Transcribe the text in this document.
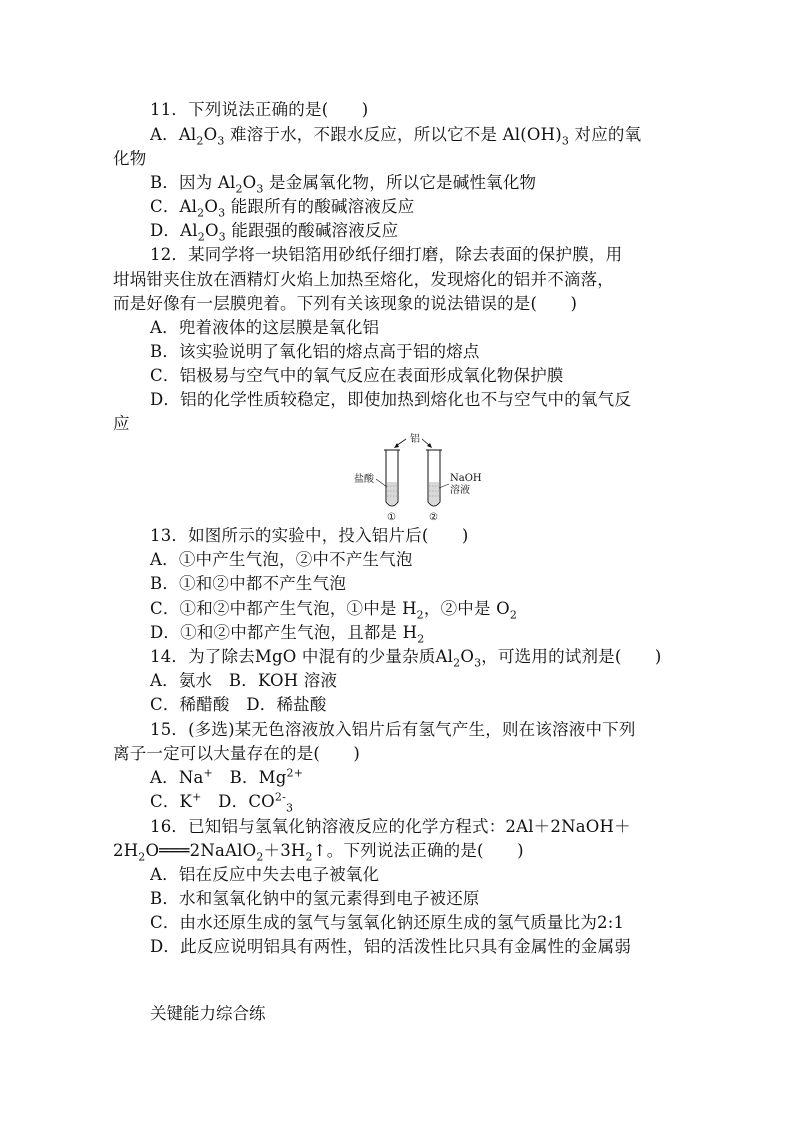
11．下列说法正确的是(　　)
A．$Al_2O_3$ 难溶于水，不跟水反应，所以它不是 $Al(OH)_3$ 对应的氧
化物
B．因为 $Al_2O_3$ 是金属氧化物，所以它是碱性氧化物
C．$Al_2O_3$ 能跟所有的酸碱溶液反应
D．$Al_2O_3$ 能跟强的酸碱溶液反应
12．某同学将一块铝箔用砂纸仔细打磨，除去表面的保护膜，用
坩埚钳夹住放在酒精灯火焰上加热至熔化，发现熔化的铝并不滴落，
而是好像有一层膜兜着。下列有关该现象的说法错误的是(　　)
A．兜着液体的这层膜是氧化铝
B．该实验说明了氧化铝的熔点高于铝的熔点
C．铝极易与空气中的氧气反应在表面形成氧化物保护膜
D．铝的化学性质较稳定，即使加热到熔化也不与空气中的氧气反
应
铝
盐酸	NaOH
溶液
①	②
13．如图所示的实验中，投入铝片后(　　)
A．①中产生气泡，②中不产生气泡
B．①和②中都不产生气泡
C．①和②中都产生气泡，①中是 $H_2$，②中是 $O_2$
D．①和②中都产生气泡，且都是 $H_2$
14．为了除去MgO 中混有的少量杂质$Al_2O_3$，可选用的试剂是(　　)
A．氨水　B．KOH 溶液
C．稀醋酸　D．稀盐酸
15．(多选)某无色溶液放入铝片后有氢气产生，则在该溶液中下列
离子一定可以大量存在的是(　　)
A．Na+　B．$Mg^{2+}$
C．K+　D．$CO^{2-}_3$
16．已知铝与氢氧化钠溶液反应的化学方程式：2Al＋2NaOH＋
$2H_2O═══2NaAlO_2+3H_2↑$。下列说法正确的是(　　)
A．铝在反应中失去电子被氧化
B．水和氢氧化钠中的氢元素得到电子被还原
C．由水还原生成的氢气与氢氧化钠还原生成的氢气质量比为2:1
D．此反应说明铝具有两性，铝的活泼性比只具有金属性的金属弱
关键能力综合练
